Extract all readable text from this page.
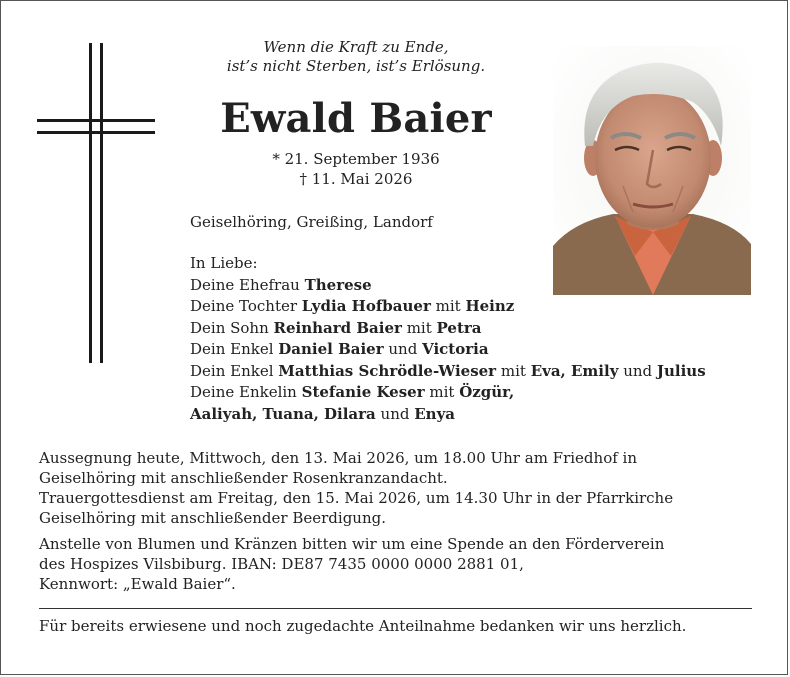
Wenn die Kraft zu Ende,
ist’s nicht Sterben, ist’s Erlösung.
Ewald Baier
* 21. September 1936
† 11. Mai 2026
Geiselhöring, Greißing, Landorf
In Liebe:
Deine Ehefrau Therese
Deine Tochter Lydia Hofbauer mit Heinz
Dein Sohn Reinhard Baier mit Petra
Dein Enkel Daniel Baier und Victoria
Dein Enkel Matthias Schrödle-Wieser mit Eva, Emily und Julius
Deine Enkelin Stefanie Keser mit Özgür,
Aaliyah, Tuana, Dilara und Enya

Aussegnung heute, Mittwoch, den 13. Mai 2026, um 18.00 Uhr am Friedhof in

Geiselhöring mit anschließender Rosenkranzandacht.

Trauergottesdienst am Freitag, den 15. Mai 2026, um 14.30 Uhr in der Pfarrkirche

Geiselhöring mit anschließender Beerdigung.

Anstelle von Blumen und Kränzen bitten wir um eine Spende an den Förderverein

des Hospizes Vilsbiburg. IBAN: DE87 7435 0000 0000 2881 01,

Kennwort: „Ewald Baier“.

Für bereits erwiesene und noch zugedachte Anteilnahme bedanken wir uns herzlich.
